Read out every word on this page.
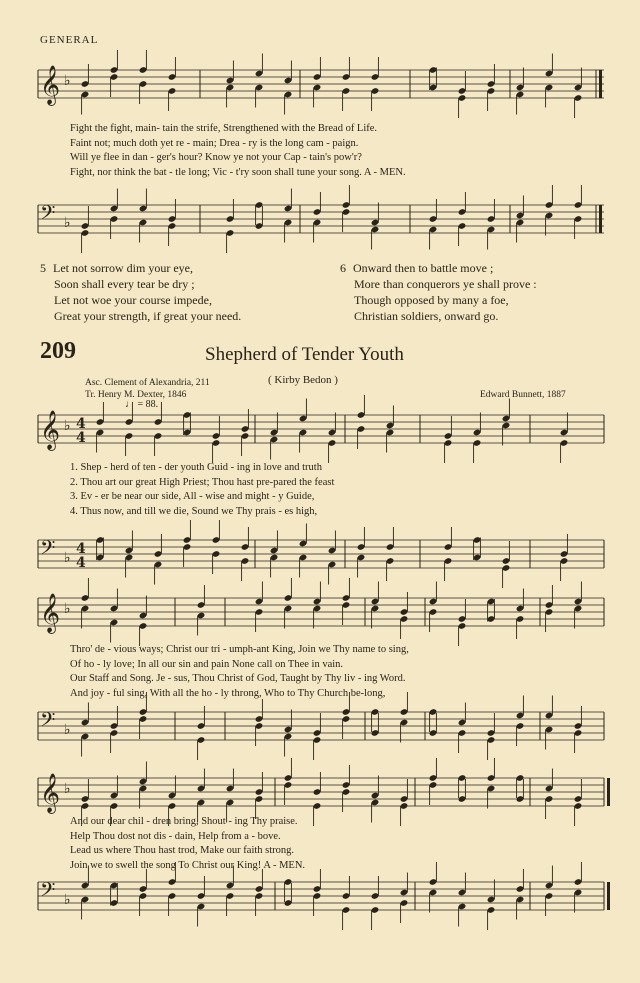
GENERAL
𝄞 ♭
𝄢 ♭
𝄞 ♭ 4
4
𝄢 ♭
4
4
𝄞 ♭
𝄢 ♭
𝄞 ♭
𝄢 ♭
Fight the fight, main- tain the strife, Strengthened with the Bread of Life.
Faint not; much doth yet re - main; Drea - ry is the long cam - paign.
Will ye flee in dan - ger's hour? Know ye not your Cap - tain's pow'r?
Fight, nor think the bat - tle long; Vic - t'ry soon shall tune your song. A - MEN.
5 Let not sorrow dim your eye,
Soon shall every tear be dry ;
Let not woe your course impede,
Great your strength, if great your need.
6 Onward then to battle move ;
More than conquerors ye shall prove :
Though opposed by many a foe,
Christian soldiers, onward go.
209	Shepherd of Tender Youth
( Kirby Bedon )
Asc. Clement of Alexandria, 211
Tr. Henry M. Dexter, 1846	Edward Bunnett, 1887
♩ = 88.
1. Shep - herd of ten - der youth Guid - ing in love and truth
2. Thou art our great High Priest; Thou hast pre-pared the feast
3. Ev - er be near our side, All - wise and might - y Guide,
4. Thus now, and till we die, Sound we Thy prais - es high,
Thro' de - vious ways; Christ our tri - umph-ant King, Join we Thy name to sing,
Of ho - ly love; In all our sin and pain None call on Thee in vain.
Our Staff and Song. Je - sus, Thou Christ of God, Taught by Thy liv - ing Word.
And joy - ful sing, With all the ho - ly throng, Who to Thy Church be-long,
And our dear chil - dren bring, Shout - ing Thy praise.
Help Thou dost not dis - dain, Help from a - bove.
Lead us where Thou hast trod, Make our faith strong.
Join we to swell the song To Christ our King! A - MEN.
